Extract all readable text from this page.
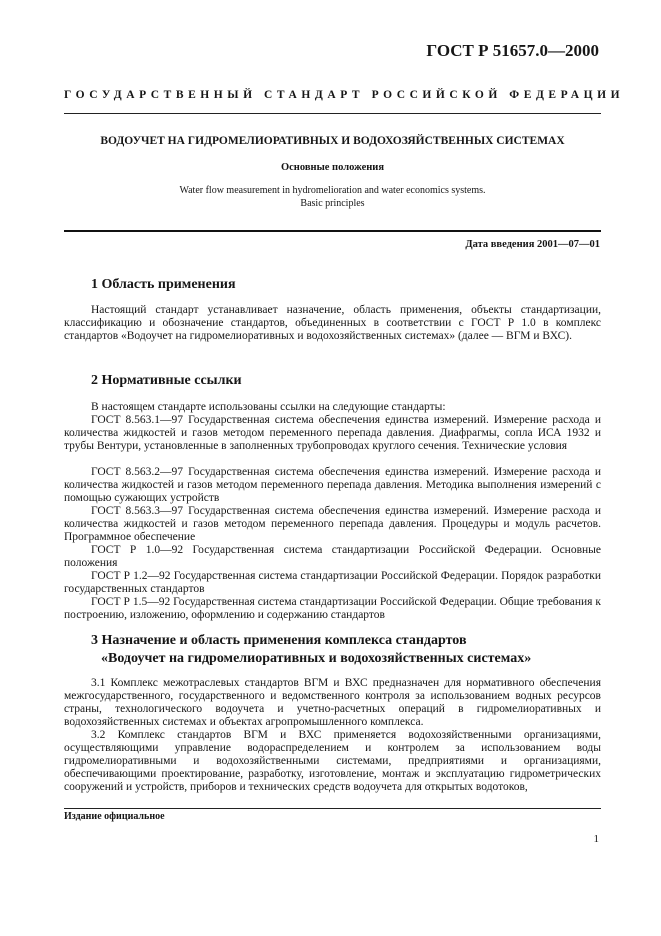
ГОСТ Р 51657.0—2000
ГОСУДАРСТВЕННЫЙ СТАНДАРТ РОССИЙСКОЙ ФЕДЕРАЦИИ
ВОДОУЧЕТ НА ГИДРОМЕЛИОРАТИВНЫХ И ВОДОХОЗЯЙСТВЕННЫХ СИСТЕМАХ
Основные положения
Water flow measurement in hydromelioration and water economics systems.
Basic principles
Дата введения 2001—07—01
1 Область применения
Настоящий стандарт устанавливает назначение, область применения, объекты стандартизации, классификацию и обозначение стандартов, объединенных в соответствии с ГОСТ Р 1.0 в комплекс стандартов «Водоучет на гидромелиоративных и водохозяйственных системах» (далее — ВГМ и ВХС).
2 Нормативные ссылки
В настоящем стандарте использованы ссылки на следующие стандарты:
ГОСТ 8.563.1—97 Государственная система обеспечения единства измерений. Измерение расхода и количества жидкостей и газов методом переменного перепада давления. Диафрагмы, сопла ИСА 1932 и трубы Вентури, установленные в заполненных трубопроводах круглого сечения. Технические условия
ГОСТ 8.563.2—97 Государственная система обеспечения единства измерений. Измерение расхода и количества жидкостей и газов методом переменного перепада давления. Методика выполнения измерений с помощью сужающих устройств
ГОСТ 8.563.3—97 Государственная система обеспечения единства измерений. Измерение расхода и количества жидкостей и газов методом переменного перепада давления. Процедуры и модуль расчетов. Программное обеспечение
ГОСТ Р 1.0—92 Государственная система стандартизации Российской Федерации. Основные положения
ГОСТ Р 1.2—92 Государственная система стандартизации Российской Федерации. Порядок разработки государственных стандартов
ГОСТ Р 1.5—92 Государственная система стандартизации Российской Федерации. Общие требования к построению, изложению, оформлению и содержанию стандартов
3 Назначение и область применения комплекса стандартов
«Водоучет на гидромелиоративных и водохозяйственных системах»
3.1 Комплекс межотраслевых стандартов ВГМ и ВХС предназначен для нормативного обеспечения межгосударственного, государственного и ведомственного контроля за использованием водных ресурсов страны, технологического водоучета и учетно-расчетных операций в гидромелиоративных и водохозяйственных системах и объектах агропромышленного комплекса.
3.2 Комплекс стандартов ВГМ и ВХС применяется водохозяйственными организациями, осуществляющими управление водораспределением и контролем за использованием воды гидромелиоративными и водохозяйственными системами, предприятиями и организациями, обеспечивающими проектирование, разработку, изготовление, монтаж и эксплуатацию гидрометрических сооружений и устройств, приборов и технических средств водоучета для открытых водотоков,
Издание официальное
1
